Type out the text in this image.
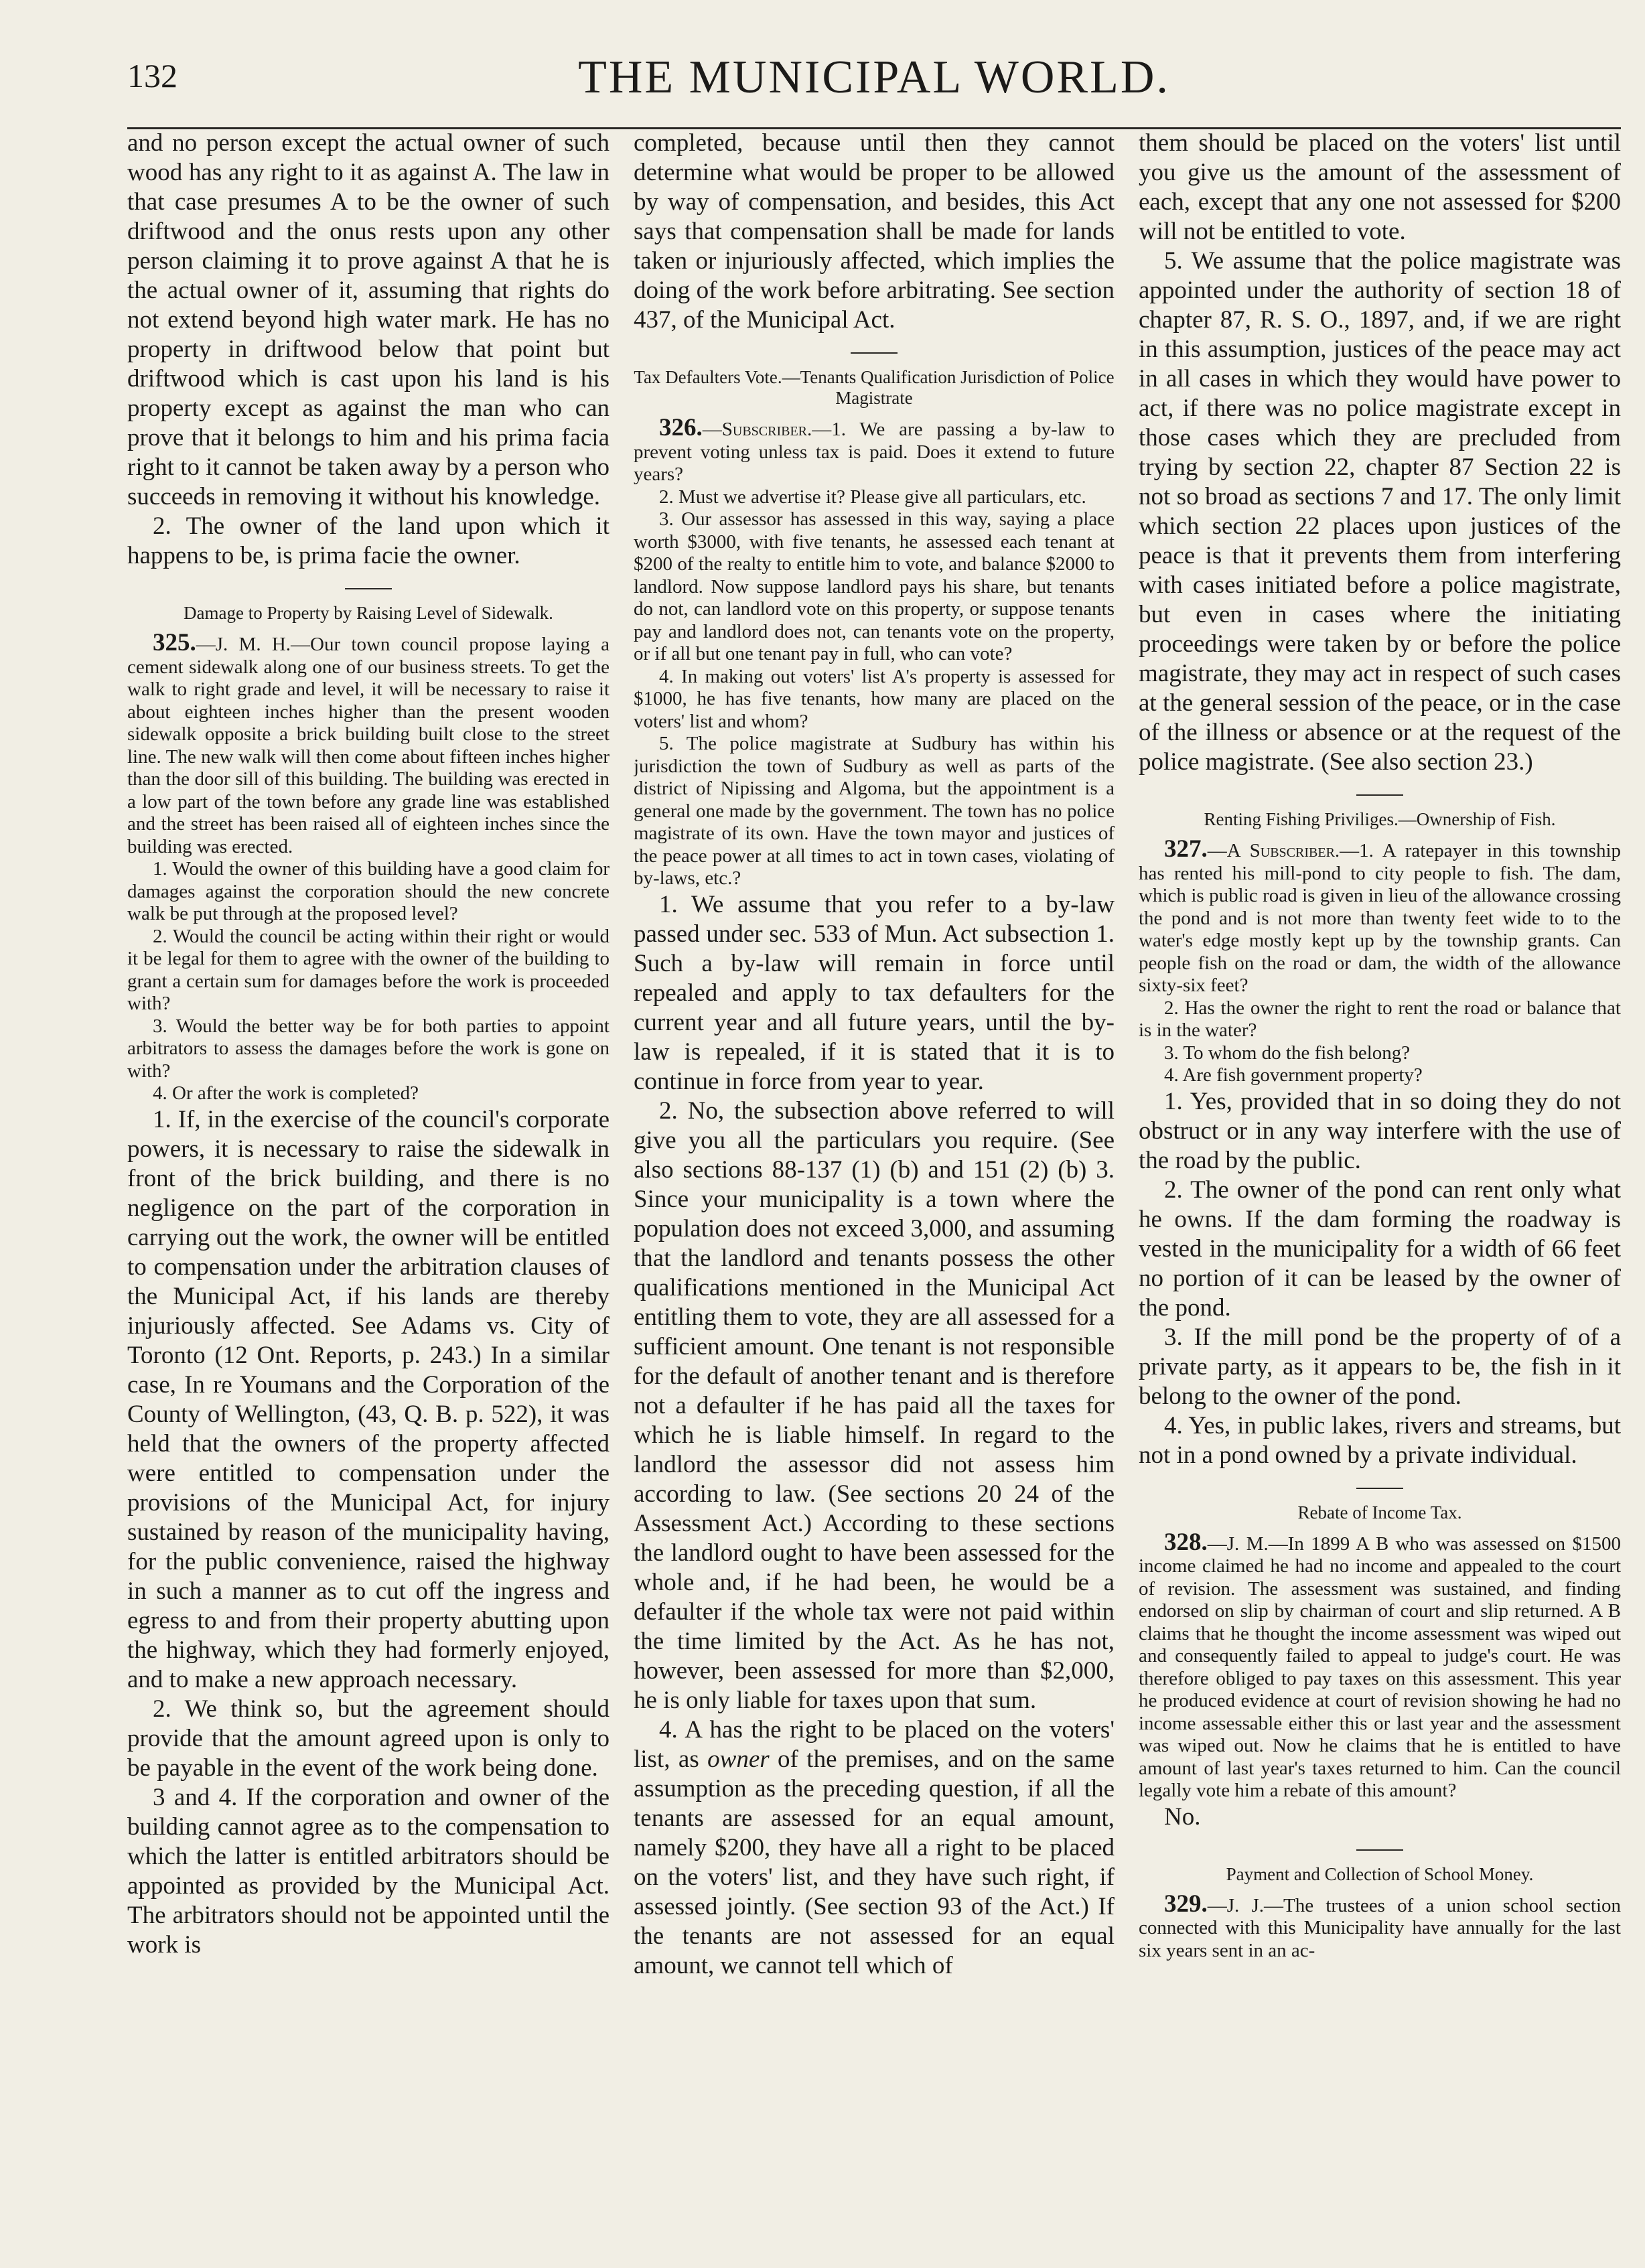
132	THE MUNICIPAL WORLD.

and no person except the actual owner of such wood has any right to it as against A. The law in that case presumes A to be the owner of such driftwood and the onus rests upon any other person claiming it to prove against A that he is the actual owner of it, assuming that rights do not extend beyond high water mark. He has no property in driftwood below that point but driftwood which is cast upon his land is his property except as against the man who can prove that it belongs to him and his prima facia right to it cannot be taken away by a person who succeeds in removing it without his knowledge.

2. The owner of the land upon which it happens to be, is prima facie the owner.

Damage to Property by Raising Level of Sidewalk.

325.—J. M. H.—Our town council propose laying a cement sidewalk along one of our business streets. To get the walk to right grade and level, it will be necessary to raise it about eighteen inches higher than the present wooden sidewalk opposite a brick building built close to the street line. The new walk will then come about fifteen inches higher than the door sill of this building. The building was erected in a low part of the town before any grade line was established and the street has been raised all of eighteen inches since the building was erected.

1. Would the owner of this building have a good claim for damages against the corporation should the new concrete walk be put through at the proposed level?

2. Would the council be acting within their right or would it be legal for them to agree with the owner of the building to grant a certain sum for damages before the work is proceeded with?

3. Would the better way be for both parties to appoint arbitrators to assess the damages before the work is gone on with?

4. Or after the work is completed?

1. If, in the exercise of the council's corporate powers, it is necessary to raise the sidewalk in front of the brick building, and there is no negligence on the part of the corporation in carrying out the work, the owner will be entitled to compensation under the arbitration clauses of the Municipal Act, if his lands are thereby injuriously affected. See Adams vs. City of Toronto (12 Ont. Reports, p. 243.) In a similar case, In re Youmans and the Corporation of the County of Wellington, (43, Q. B. p. 522), it was held that the owners of the property affected were entitled to compensation under the provisions of the Municipal Act, for injury sustained by reason of the municipality having, for the public convenience, raised the highway in such a manner as to cut off the ingress and egress to and from their property abutting upon the highway, which they had formerly enjoyed, and to make a new approach necessary.

2. We think so, but the agreement should provide that the amount agreed upon is only to be payable in the event of the work being done.

3 and 4. If the corporation and owner of the building cannot agree as to the compensation to which the latter is entitled arbitrators should be appointed as provided by the Municipal Act. The arbitrators should not be appointed until the work is

completed, because until then they cannot determine what would be proper to be allowed by way of compensation, and besides, this Act says that compensation shall be made for lands taken or injuriously affected, which implies the doing of the work before arbitrating. See section 437, of the Municipal Act.

Tax Defaulters Vote.—Tenants Qualification Jurisdiction of Police Magistrate

326.—Subscriber.—1. We are passing a by-law to prevent voting unless tax is paid. Does it extend to future years?

2. Must we advertise it? Please give all particulars, etc.

3. Our assessor has assessed in this way, saying a place worth $3000, with five tenants, he assessed each tenant at $200 of the realty to entitle him to vote, and balance $2000 to landlord. Now suppose landlord pays his share, but tenants do not, can landlord vote on this property, or suppose tenants pay and landlord does not, can tenants vote on the property, or if all but one tenant pay in full, who can vote?

4. In making out voters' list A's property is assessed for $1000, he has five tenants, how many are placed on the voters' list and whom?

5. The police magistrate at Sudbury has within his jurisdiction the town of Sudbury as well as parts of the district of Nipissing and Algoma, but the appointment is a general one made by the government. The town has no police magistrate of its own. Have the town mayor and justices of the peace power at all times to act in town cases, violating of by-laws, etc.?

1. We assume that you refer to a by-law passed under sec. 533 of Mun. Act subsection 1. Such a by-law will remain in force until repealed and apply to tax defaulters for the current year and all future years, until the by-law is repealed, if it is stated that it is to continue in force from year to year.

2. No, the subsection above referred to will give you all the particulars you require. (See also sections 88-137 (1) (b) and 151 (2) (b) 3. Since your municipality is a town where the population does not exceed 3,000, and assuming that the landlord and tenants possess the other qualifications mentioned in the Municipal Act entitling them to vote, they are all assessed for a sufficient amount. One tenant is not responsible for the default of another tenant and is therefore not a defaulter if he has paid all the taxes for which he is liable himself. In regard to the landlord the assessor did not assess him according to law. (See sections 20 24 of the Assessment Act.) According to these sections the landlord ought to have been assessed for the whole and, if he had been, he would be a defaulter if the whole tax were not paid within the time limited by the Act. As he has not, however, been assessed for more than $2,000, he is only liable for taxes upon that sum.

4. A has the right to be placed on the voters' list, as owner of the premises, and on the same assumption as the preceding question, if all the tenants are assessed for an equal amount, namely $200, they have all a right to be placed on the voters' list, and they have such right, if assessed jointly. (See section 93 of the Act.) If the tenants are not assessed for an equal amount, we cannot tell which of

them should be placed on the voters' list until you give us the amount of the assessment of each, except that any one not assessed for $200 will not be entitled to vote.

5. We assume that the police magistrate was appointed under the authority of section 18 of chapter 87, R. S. O., 1897, and, if we are right in this assumption, justices of the peace may act in all cases in which they would have power to act, if there was no police magistrate except in those cases which they are precluded from trying by section 22, chapter 87 Section 22 is not so broad as sections 7 and 17. The only limit which section 22 places upon justices of the peace is that it prevents them from interfering with cases initiated before a police magistrate, but even in cases where the initiating proceedings were taken by or before the police magistrate, they may act in respect of such cases at the general session of the peace, or in the case of the illness or absence or at the request of the police magistrate. (See also section 23.)

Renting Fishing Priviliges.—Ownership of Fish.

327.—A Subscriber.—1. A ratepayer in this township has rented his mill-pond to city people to fish. The dam, which is public road is given in lieu of the allowance crossing the pond and is not more than twenty feet wide to to the water's edge mostly kept up by the township grants. Can people fish on the road or dam, the width of the allowance sixty-six feet?

2. Has the owner the right to rent the road or balance that is in the water?

3. To whom do the fish belong?

4. Are fish government property?

1. Yes, provided that in so doing they do not obstruct or in any way interfere with the use of the road by the public.

2. The owner of the pond can rent only what he owns. If the dam forming the roadway is vested in the municipality for a width of 66 feet no portion of it can be leased by the owner of the pond.

3. If the mill pond be the property of of a private party, as it appears to be, the fish in it belong to the owner of the pond.

4. Yes, in public lakes, rivers and streams, but not in a pond owned by a private individual.

Rebate of Income Tax.

328.—J. M.—In 1899 A B who was assessed on $1500 income claimed he had no income and appealed to the court of revision. The assessment was sustained, and finding endorsed on slip by chairman of court and slip returned. A B claims that he thought the income assessment was wiped out and consequently failed to appeal to judge's court. He was therefore obliged to pay taxes on this assessment. This year he produced evidence at court of revision showing he had no income assessable either this or last year and the assessment was wiped out. Now he claims that he is entitled to have amount of last year's taxes returned to him. Can the council legally vote him a rebate of this amount?

No.

Payment and Collection of School Money.

329.—J. J.—The trustees of a union school section connected with this Municipality have annually for the last six years sent in an ac-
